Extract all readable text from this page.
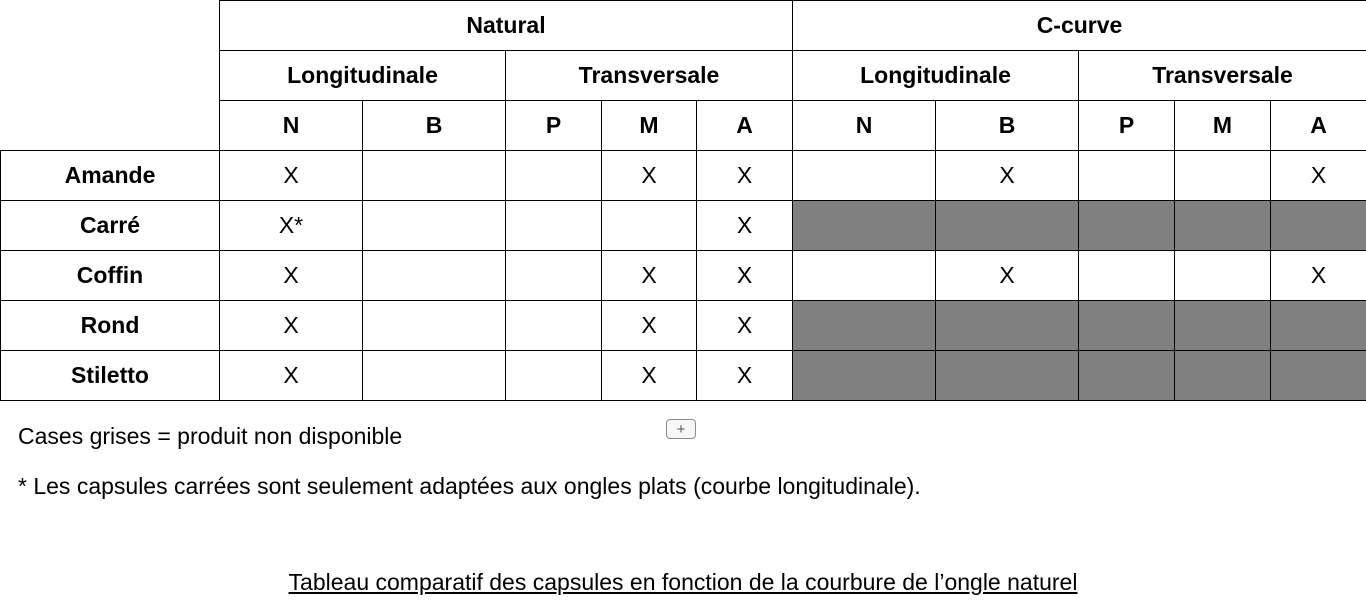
	Natural					C-curve				
	Longitudinale		Transversale			Longitudinale		Transversale		
	N	B	P	M	A	N	B	P	M	A
Amande	X			X	X		X			X
Carré	X*				X					
Coffin	X			X	X		X			X
Rond	X			X	X					
Stiletto	X			X	X					
+
Cases grises = produit non disponible
* Les capsules carrées sont seulement adaptées aux ongles plats (courbe longitudinale).
Tableau comparatif des capsules en fonction de la courbure de l’ongle naturel
